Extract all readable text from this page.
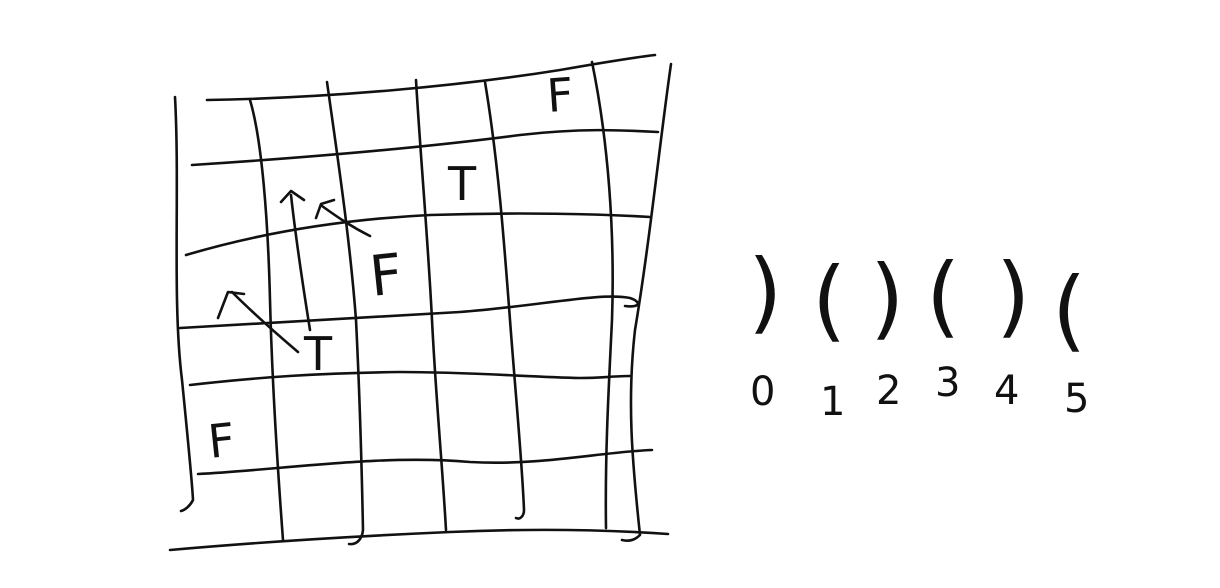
F
T
F
T
F
) ( ) ( ) (
0 1 2 3 4 5
